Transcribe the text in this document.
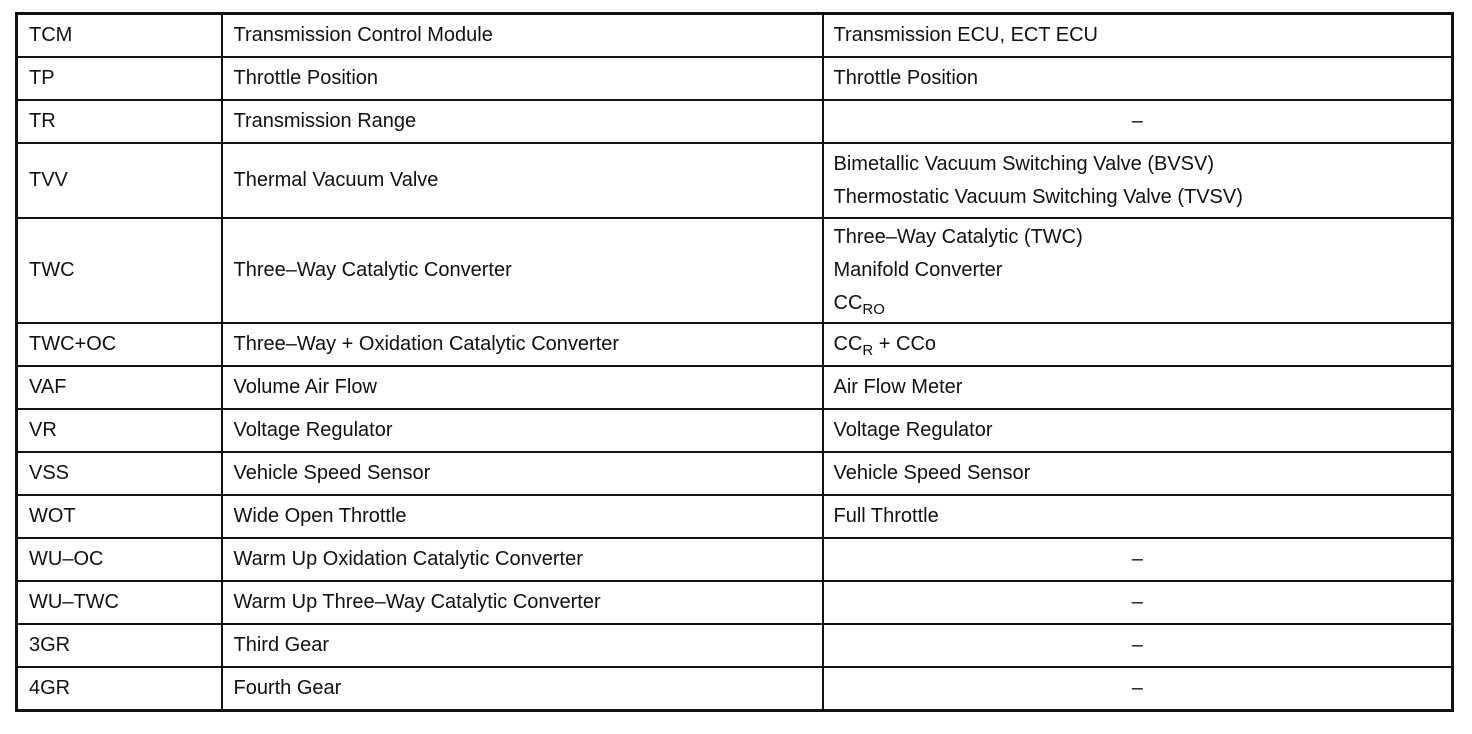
TCM	Transmission Control Module	Transmission ECU, ECT ECU

TP	Throttle Position	Throttle Position

TR	Transmission Range	–

TVV	Thermal Vacuum Valve	Bimetallic Vacuum Switching Valve (BVSV)
Thermostatic Vacuum Switching Valve (TVSV)

TWC	Three–Way Catalytic Converter	Three–Way Catalytic (TWC)
Manifold Converter
$CC_{RO}$

TWC+OC	Three–Way + Oxidation Catalytic Converter	$CC_R$ + CCo

VAF	Volume Air Flow	Air Flow Meter

VR	Voltage Regulator	Voltage Regulator

VSS	Vehicle Speed Sensor	Vehicle Speed Sensor

WOT	Wide Open Throttle	Full Throttle

WU–OC	Warm Up Oxidation Catalytic Converter	–

WU–TWC	Warm Up Three–Way Catalytic Converter	–

3GR	Third Gear	–

4GR	Fourth Gear	–
